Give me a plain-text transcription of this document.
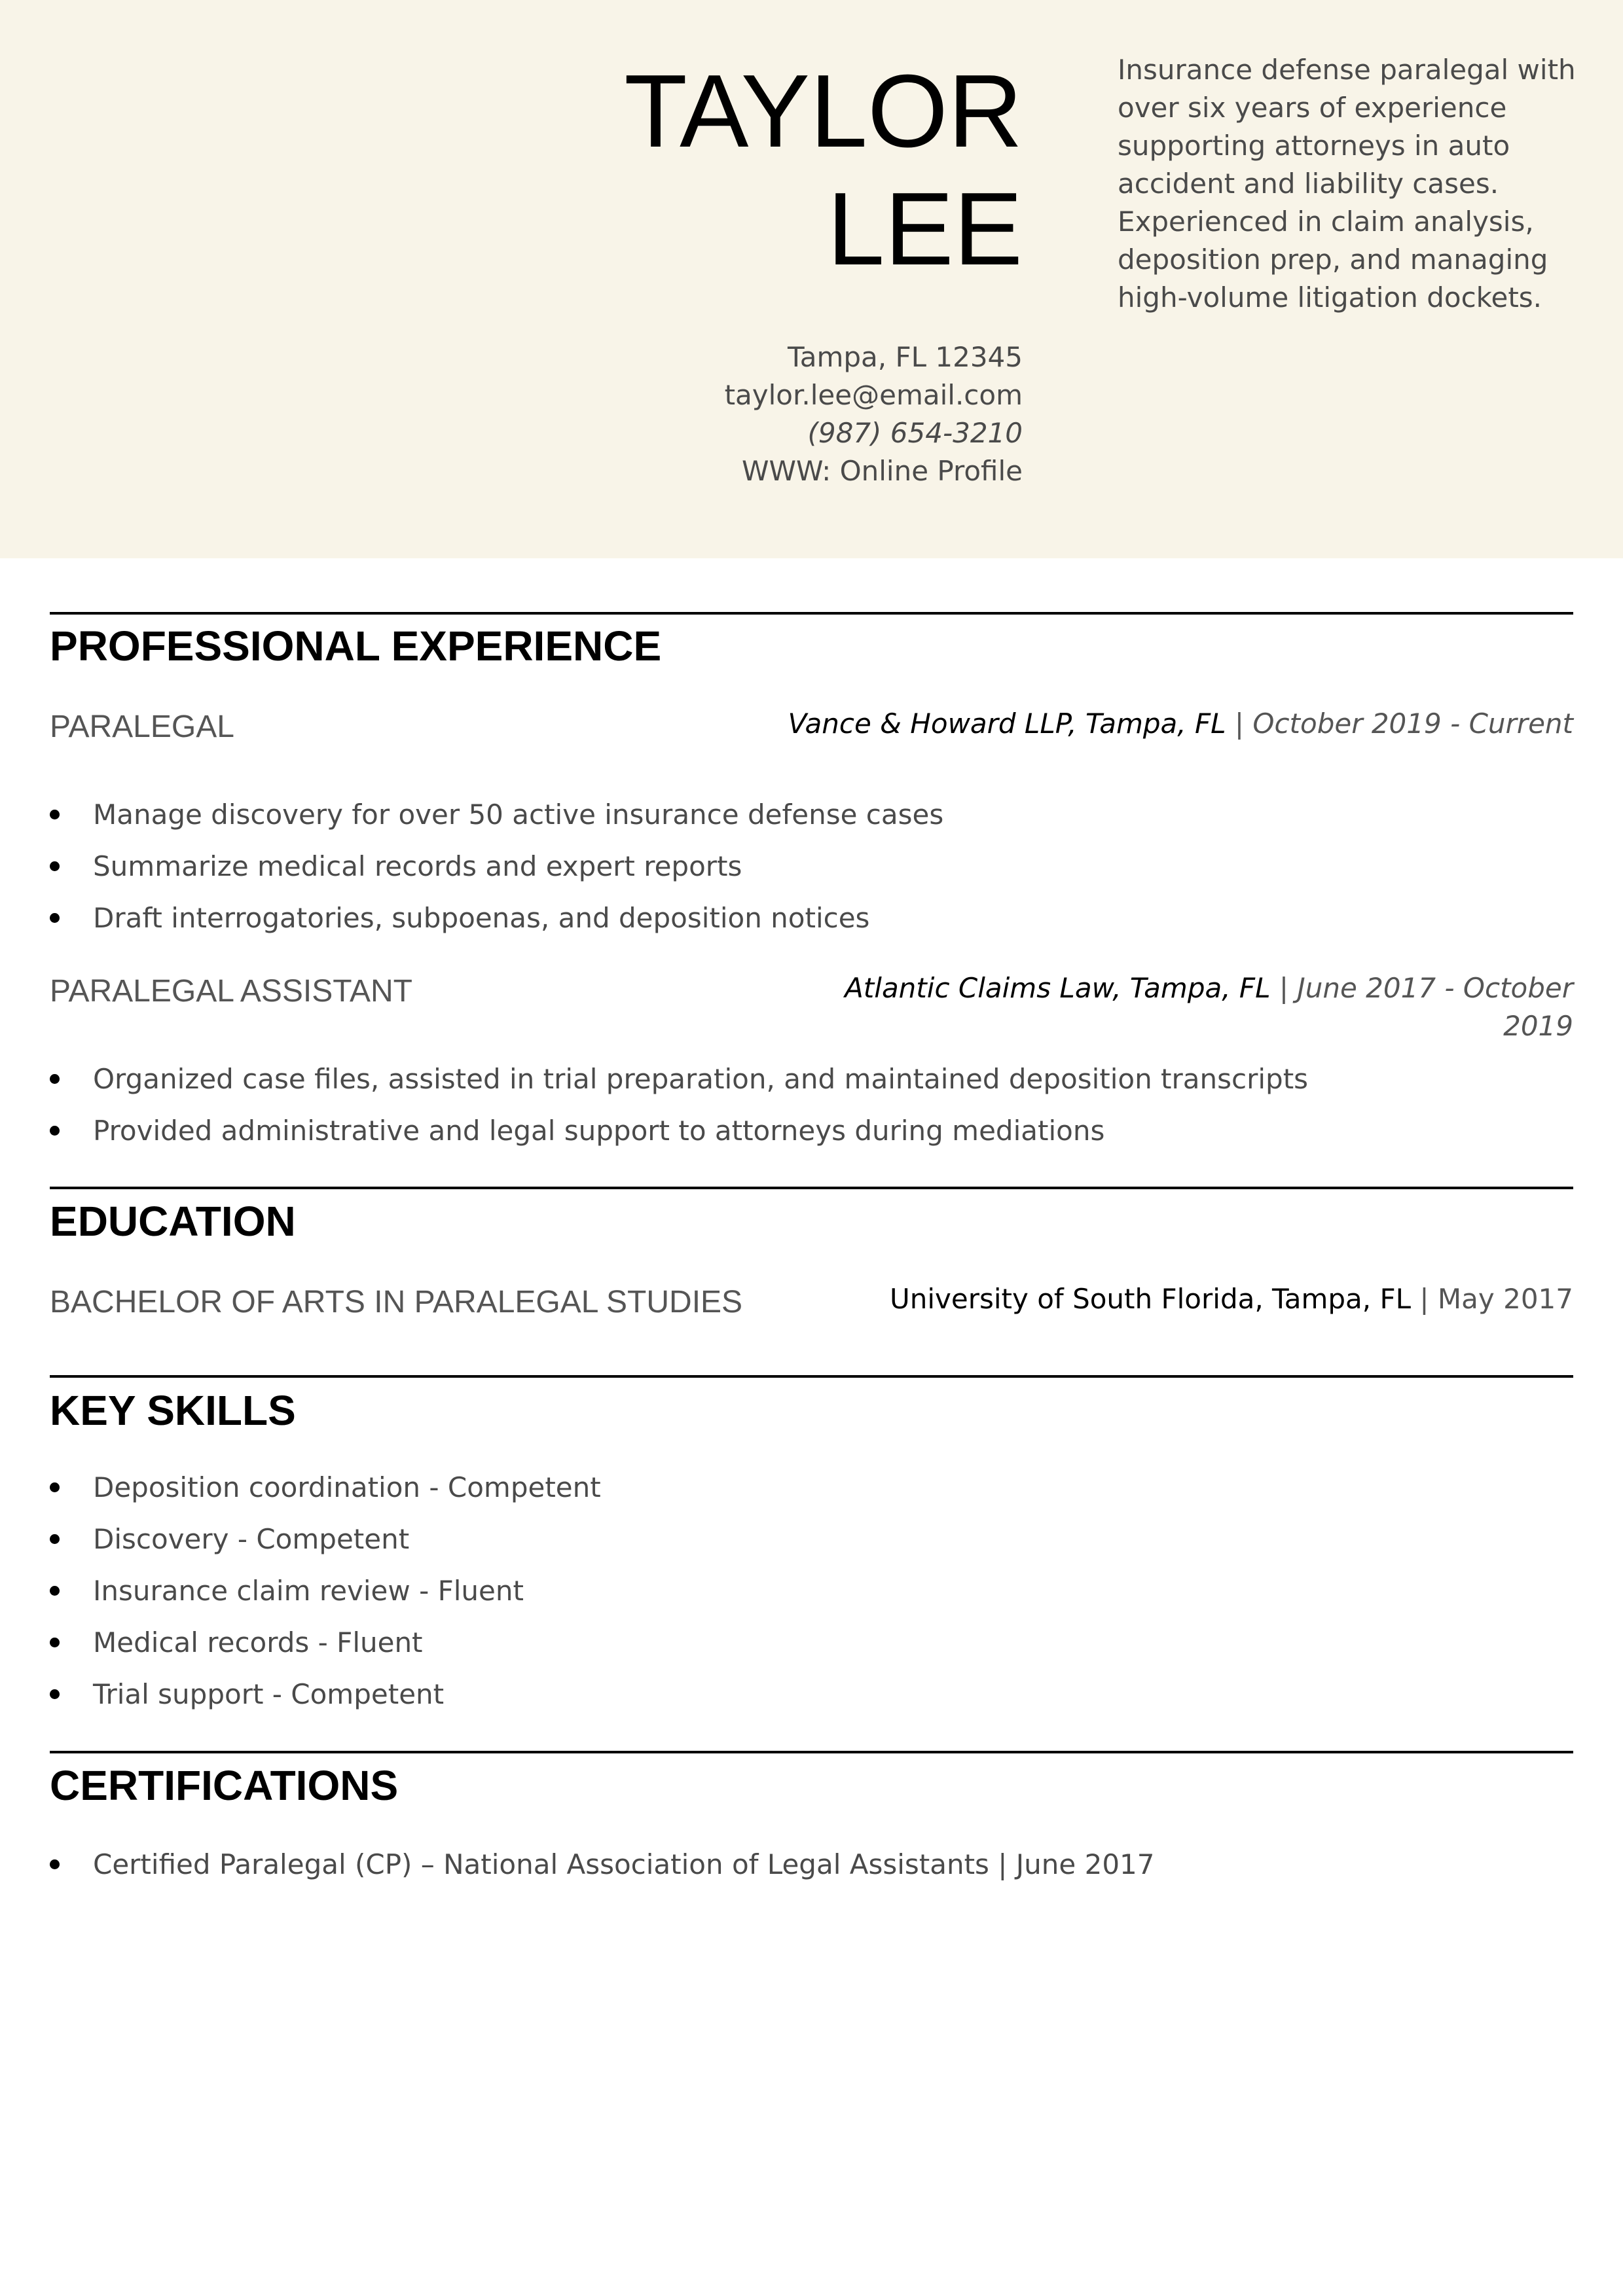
TAYLOR
LEE
Tampa, FL 12345
taylor.lee@email.com
(987) 654-3210
WWW: Online Profile
Insurance defense paralegal with over six years of experience supporting attorneys in auto accident and liability cases. Experienced in claim analysis, deposition prep, and managing high-volume litigation dockets.
PROFESSIONAL EXPERIENCE
PARALEGAL	Vance & Howard LLP, Tampa, FL | October 2019 - Current
Manage discovery for over 50 active insurance defense cases
Summarize medical records and expert reports
Draft interrogatories, subpoenas, and deposition notices
PARALEGAL ASSISTANT	Atlantic Claims Law, Tampa, FL | June 2017 - October 2019
Organized case files, assisted in trial preparation, and maintained deposition transcripts
Provided administrative and legal support to attorneys during mediations
EDUCATION
BACHELOR OF ARTS IN PARALEGAL STUDIES	University of South Florida, Tampa, FL | May 2017
KEY SKILLS
Deposition coordination - Competent
Discovery - Competent
Insurance claim review - Fluent
Medical records - Fluent
Trial support - Competent
CERTIFICATIONS
Certified Paralegal (CP) – National Association of Legal Assistants | June 2017
